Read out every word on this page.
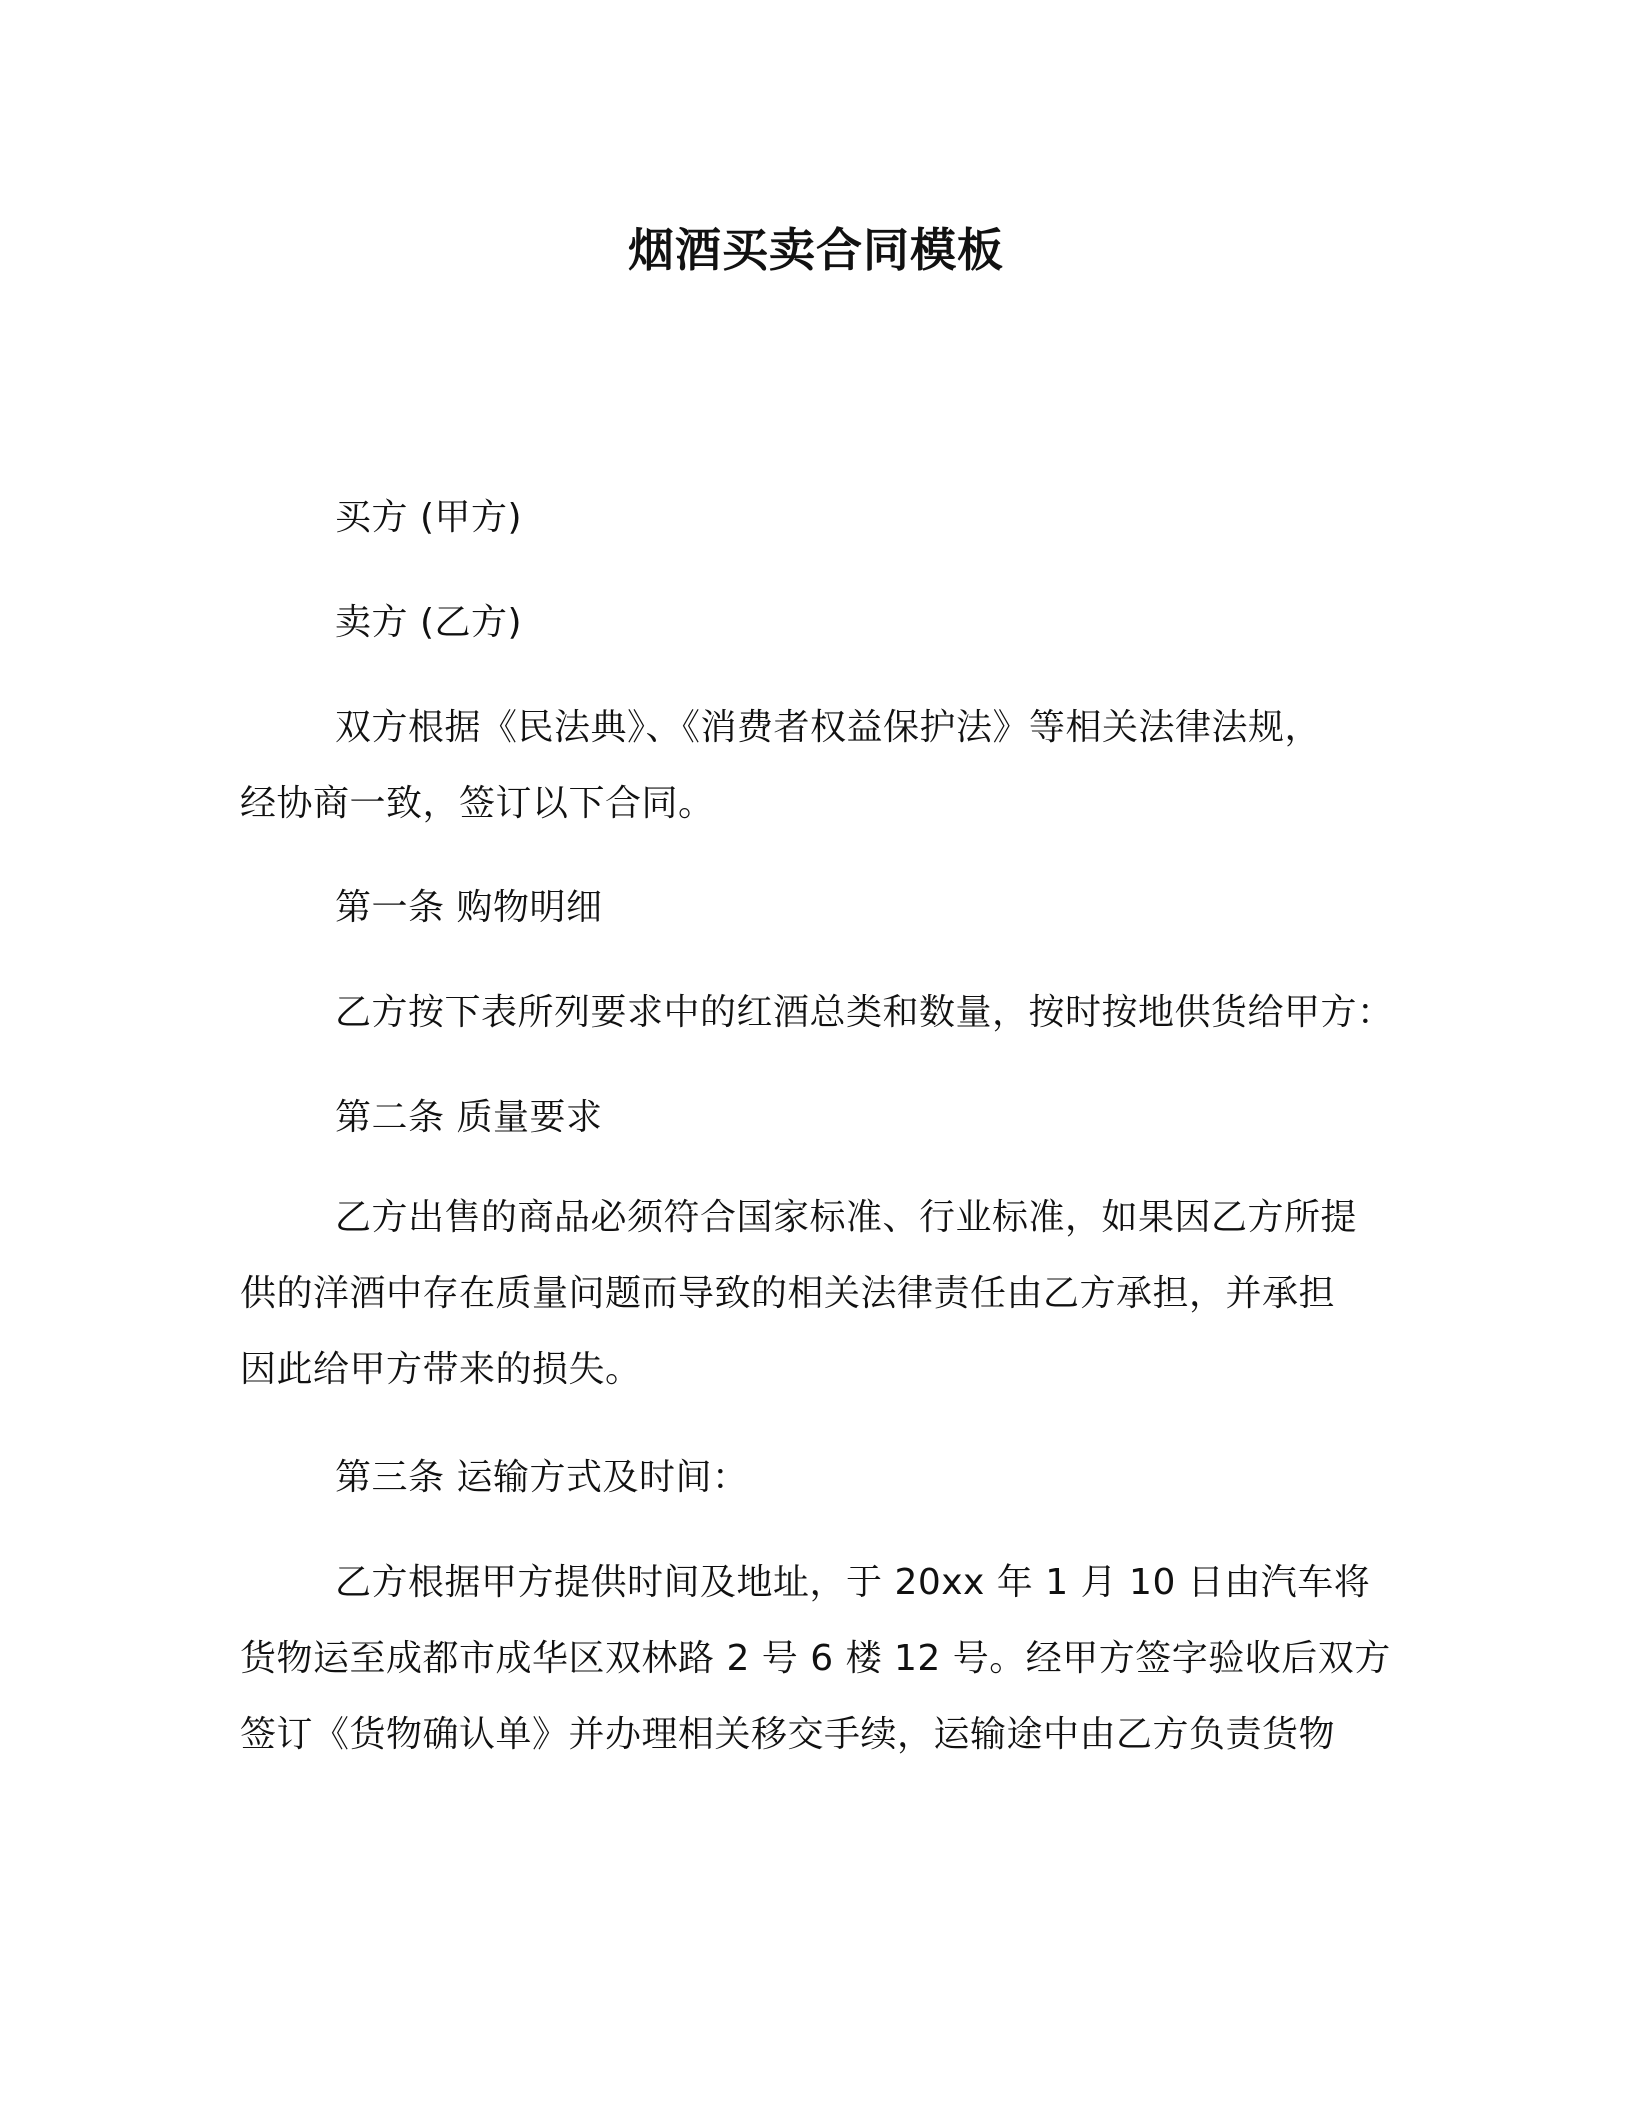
烟酒买卖合同模板
买方 (甲方)
卖方 (乙方)
双方根据《民法典》、《消费者权益保护法》等相关法律法规，
经协商一致，签订以下合同。
第一条 购物明细
乙方按下表所列要求中的红酒总类和数量，按时按地供货给甲方：
第二条 质量要求
乙方出售的商品必须符合国家标准、行业标准，如果因乙方所提
供的洋酒中存在质量问题而导致的相关法律责任由乙方承担，并承担
因此给甲方带来的损失。
第三条 运输方式及时间：
乙方根据甲方提供时间及地址，于 20xx 年 1 月 10 日由汽车将
货物运至成都市成华区双林路 2 号 6 楼 12 号。经甲方签字验收后双方
签订《货物确认单》并办理相关移交手续，运输途中由乙方负责货物
